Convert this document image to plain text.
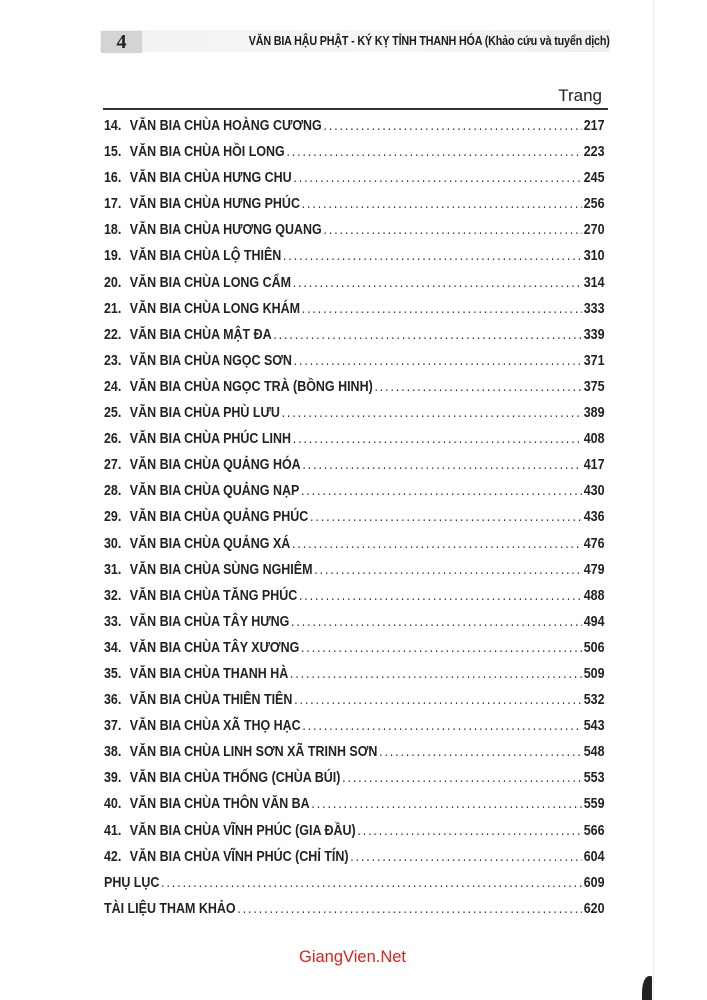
4	VĂN BIA HẬU PHẬT - KÝ KỴ TỈNH THANH HÓA (Khảo cứu và tuyển dịch)
Trang
14. VĂN BIA CHÙA HOÀNG CƯƠNG .....	217
15. VĂN BIA CHÙA HỒI LONG .....	223
16. VĂN BIA CHÙA HƯNG CHU .....	245
17. VĂN BIA CHÙA HƯNG PHÚC .....	256
18. VĂN BIA CHÙA HƯƠNG QUANG .....	270
19. VĂN BIA CHÙA LỘ THIÊN .....	310
20. VĂN BIA CHÙA LONG CẨM .....	314
21. VĂN BIA CHÙA LONG KHÁM .....	333
22. VĂN BIA CHÙA MẬT ĐA .....	339
23. VĂN BIA CHÙA NGỌC SƠN .....	371
24. VĂN BIA CHÙA NGỌC TRÀ (BỒNG HINH) .....	375
25. VĂN BIA CHÙA PHÙ LƯU .....	389
26. VĂN BIA CHÙA PHÚC LINH .....	408
27. VĂN BIA CHÙA QUẢNG HÓA .....	417
28. VĂN BIA CHÙA QUẢNG NẠP .....	430
29. VĂN BIA CHÙA QUẢNG PHÚC .....	436
30. VĂN BIA CHÙA QUẢNG XÁ .....	476
31. VĂN BIA CHÙA SÙNG NGHIÊM .....	479
32. VĂN BIA CHÙA TĂNG PHÚC .....	488
33. VĂN BIA CHÙA TÂY HƯNG .....	494
34. VĂN BIA CHÙA TÂY XƯƠNG .....	506
35. VĂN BIA CHÙA THANH HÀ .....	509
36. VĂN BIA CHÙA THIÊN TIÊN .....	532
37. VĂN BIA CHÙA XÃ THỌ HẠC .....	543
38. VĂN BIA CHÙA LINH SƠN XÃ TRINH SƠN .....	548
39. VĂN BIA CHÙA THỐNG (CHÙA BÚI) .....	553
40. VĂN BIA CHÙA THÔN VĂN BA .....	559
41. VĂN BIA CHÙA VĨNH PHÚC (GIA ĐẦU) .....	566
42. VĂN BIA CHÙA VĨNH PHÚC (CHỈ TÍN) .....	604
PHỤ LỤC .....	609
TÀI LIỆU THAM KHẢO .....	620
GiangVien.Net
